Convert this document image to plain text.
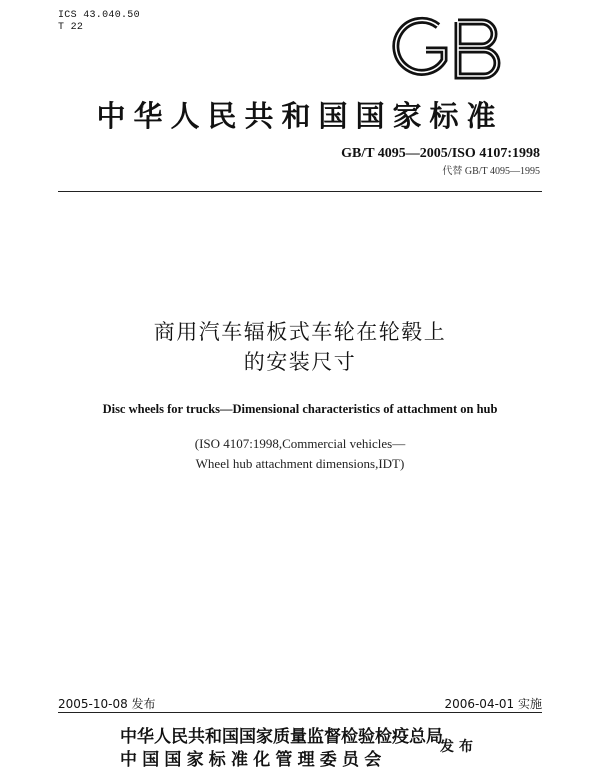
ICS 43.040.50
T 22
中华人民共和国国家标准
GB/T 4095—2005/ISO 4107:1998
代替 GB/T 4095—1995
商用汽车辐板式车轮在轮毂上
的安装尺寸
Disc wheels for trucks—Dimensional characteristics of attachment on hub
(ISO 4107:1998,Commercial vehicles—
Wheel hub attachment dimensions,IDT)
2005-10-08 发布	2006-04-01 实施
中华人民共和国国家质量监督检验检疫总局
中国国家标准化管理委员会
发布
